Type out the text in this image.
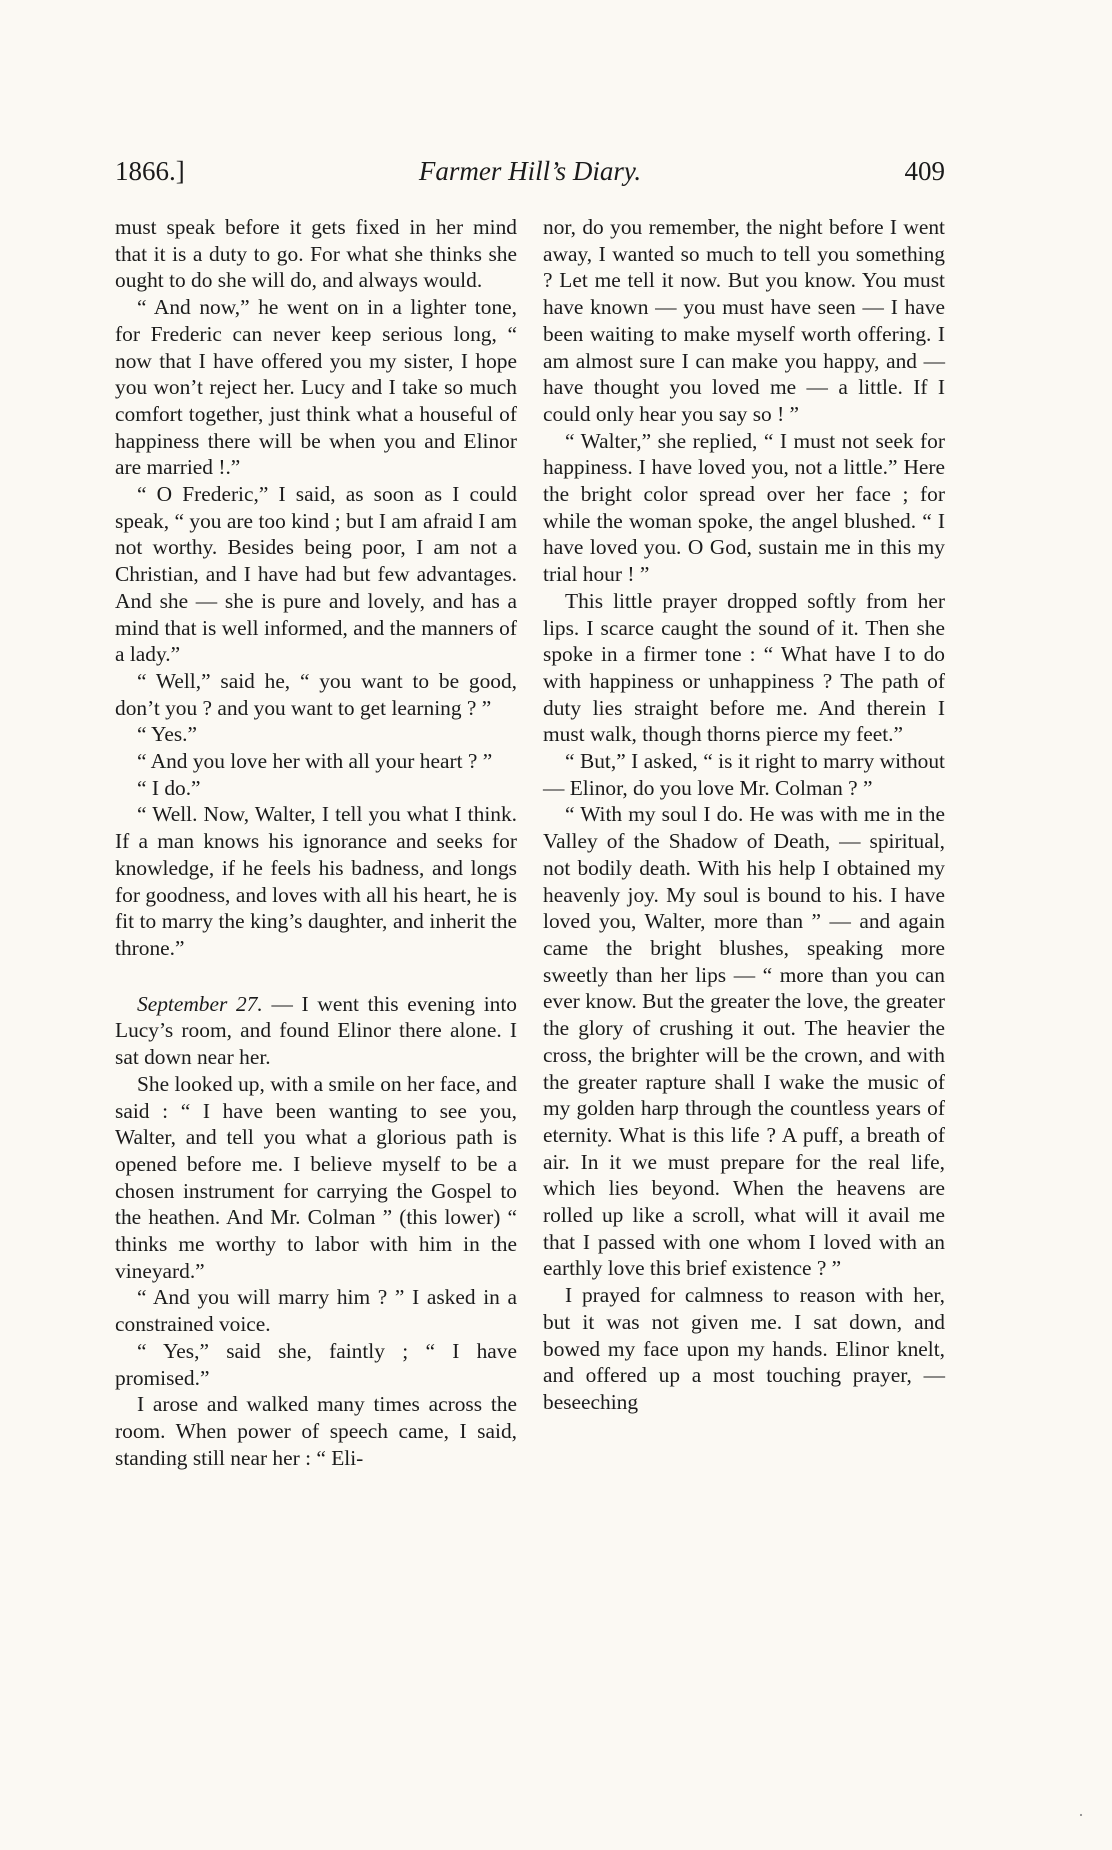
1866.]	Farmer Hill’s Diary.	409

must speak before it gets fixed in her mind that it is a duty to go. For what she thinks she ought to do she will do, and always would.

“ And now,” he went on in a lighter tone, for Frederic can never keep serious long, “ now that I have offered you my sister, I hope you won’t reject her. Lucy and I take so much comfort together, just think what a houseful of happiness there will be when you and Elinor are married !.”

“ O Frederic,” I said, as soon as I could speak, “ you are too kind ; but I am afraid I am not worthy. Besides being poor, I am not a Christian, and I have had but few advantages. And she — she is pure and lovely, and has a mind that is well informed, and the manners of a lady.”

“ Well,” said he, “ you want to be good, don’t you ? and you want to get learning ? ”

“ Yes.”

“ And you love her with all your heart ? ”

“ I do.”

“ Well. Now, Walter, I tell you what I think. If a man knows his ignorance and seeks for knowledge, if he feels his badness, and longs for goodness, and loves with all his heart, he is fit to marry the king’s daughter, and inherit the throne.”

September 27. — I went this evening into Lucy’s room, and found Elinor there alone. I sat down near her.

She looked up, with a smile on her face, and said : “ I have been wanting to see you, Walter, and tell you what a glorious path is opened before me. I believe myself to be a chosen instrument for carrying the Gospel to the heathen. And Mr. Colman ” (this lower) “ thinks me worthy to labor with him in the vineyard.”

“ And you will marry him ? ” I asked in a constrained voice.

“ Yes,” said she, faintly ; “ I have promised.”

I arose and walked many times across the room. When power of speech came, I said, standing still near her : “ Eli-

nor, do you remember, the night before I went away, I wanted so much to tell you something ? Let me tell it now. But you know. You must have known — you must have seen — I have been waiting to make myself worth offering. I am almost sure I can make you happy, and — have thought you loved me — a little. If I could only hear you say so ! ”

“ Walter,” she replied, “ I must not seek for happiness. I have loved you, not a little.” Here the bright color spread over her face ; for while the woman spoke, the angel blushed. “ I have loved you. O God, sustain me in this my trial hour ! ”

This little prayer dropped softly from her lips. I scarce caught the sound of it. Then she spoke in a firmer tone : “ What have I to do with happiness or unhappiness ? The path of duty lies straight before me. And therein I must walk, though thorns pierce my feet.”

“ But,” I asked, “ is it right to marry without — Elinor, do you love Mr. Colman ? ”

“ With my soul I do. He was with me in the Valley of the Shadow of Death, — spiritual, not bodily death. With his help I obtained my heavenly joy. My soul is bound to his. I have loved you, Walter, more than ” — and again came the bright blushes, speaking more sweetly than her lips — “ more than you can ever know. But the greater the love, the greater the glory of crushing it out. The heavier the cross, the brighter will be the crown, and with the greater rapture shall I wake the music of my golden harp through the countless years of eternity. What is this life ? A puff, a breath of air. In it we must prepare for the real life, which lies beyond. When the heavens are rolled up like a scroll, what will it avail me that I passed with one whom I loved with an earthly love this brief existence ? ”

I prayed for calmness to reason with her, but it was not given me. I sat down, and bowed my face upon my hands. Elinor knelt, and offered up a most touching prayer, — beseeching

·
